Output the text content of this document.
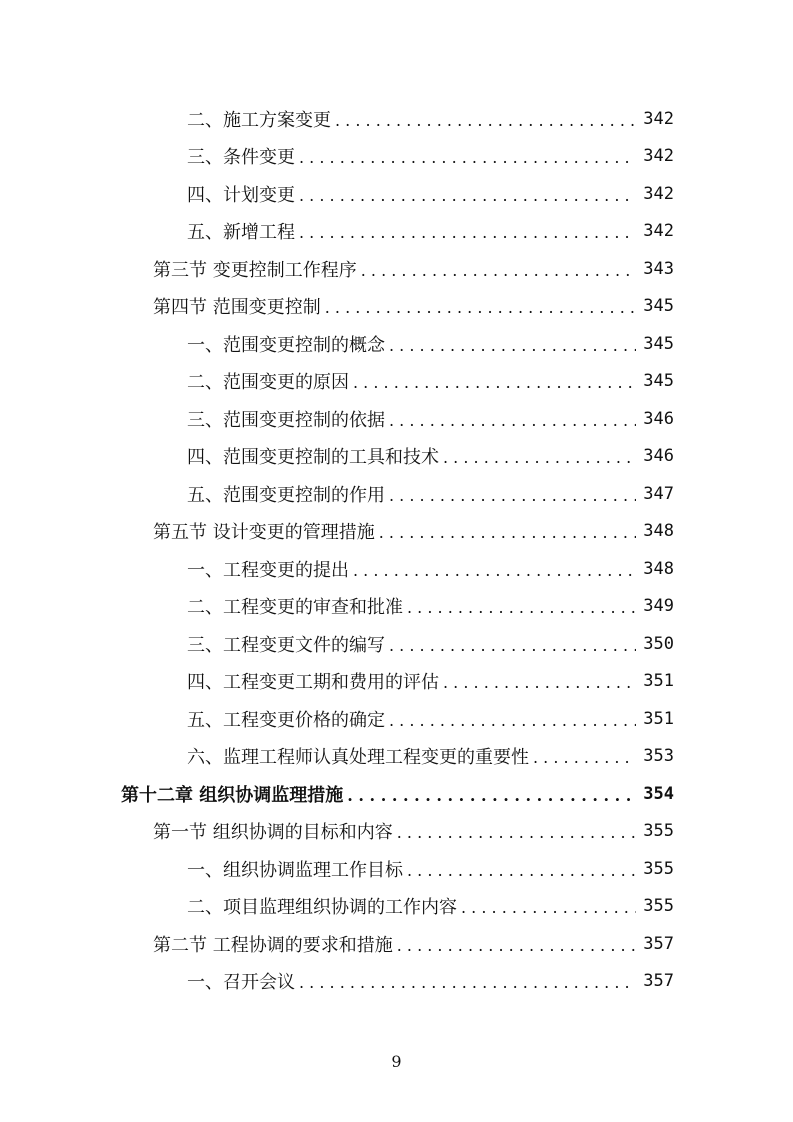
二、施工方案变更 . . .	342
三、条件变更 . . .	342
四、计划变更 . . .	342
五、新增工程 . . .	342
第三节 变更控制工作程序 . . .	343
第四节 范围变更控制 . . .	345
一、范围变更控制的概念 . . .	345
二、范围变更的原因 . . .	345
三、范围变更控制的依据 . . .	346
四、范围变更控制的工具和技术 . . .	346
五、范围变更控制的作用 . . .	347
第五节 设计变更的管理措施 . . .	348
一、工程变更的提出 . . .	348
二、工程变更的审查和批准 . . .	349
三、工程变更文件的编写 . . .	350
四、工程变更工期和费用的评估 . . .	351
五、工程变更价格的确定 . . .	351
六、监理工程师认真处理工程变更的重要性 . . .	353
第十二章 组织协调监理措施 . . .	354
第一节 组织协调的目标和内容 . . .	355
一、组织协调监理工作目标 . . .	355
二、项目监理组织协调的工作内容 . . .	355
第二节 工程协调的要求和措施 . . .	357
一、召开会议 . . .	357
9
